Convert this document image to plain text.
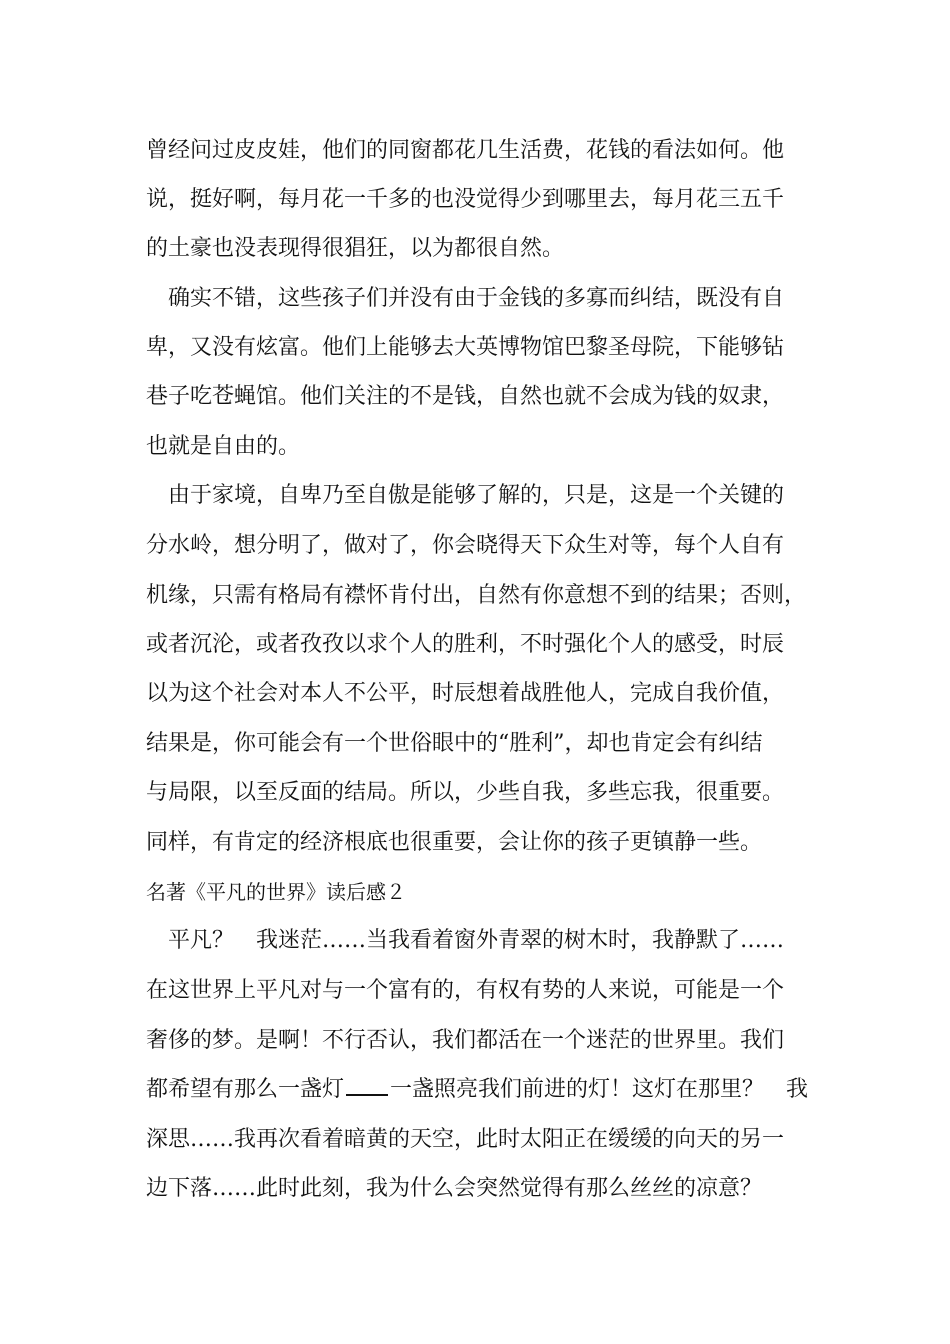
曾经问过皮皮娃，他们的同窗都花几生活费，花钱的看法如何。他
说，挺好啊，每月花一千多的也没觉得少到哪里去，每月花三五千
的土豪也没表现得很猖狂，以为都很自然。
确实不错，这些孩子们并没有由于金钱的多寡而纠结，既没有自
卑，又没有炫富。他们上能够去大英博物馆巴黎圣母院，下能够钻
巷子吃苍蝇馆。他们关注的不是钱，自然也就不会成为钱的奴隶，
也就是自由的。
由于家境，自卑乃至自傲是能够了解的，只是，这是一个关键的
分水岭，想分明了，做对了，你会晓得天下众生对等，每个人自有
机缘，只需有格局有襟怀肯付出，自然有你意想不到的结果；否则，
或者沉沦，或者孜孜以求个人的胜利，不时强化个人的感受，时辰
以为这个社会对本人不公平，时辰想着战胜他人，完成自我价值，
结果是，你可能会有一个世俗眼中的“胜利”，却也肯定会有纠结
与局限，以至反面的结局。所以，少些自我，多些忘我，很重要。
同样，有肯定的经济根底也很重要，会让你的孩子更镇静一些。
名著《平凡的世界》读后感２
平凡？　我迷茫……当我看着窗外青翠的树木时，我静默了……
在这世界上平凡对与一个富有的，有权有势的人来说，可能是一个
奢侈的梦。是啊！不行否认，我们都活在一个迷茫的世界里。我们
都希望有那么一盏灯 一盏照亮我们前进的灯！这灯在那里？　我
深思……我再次看着暗黄的天空，此时太阳正在缓缓的向天的另一
边下落……此时此刻，我为什么会突然觉得有那么丝丝的凉意？
